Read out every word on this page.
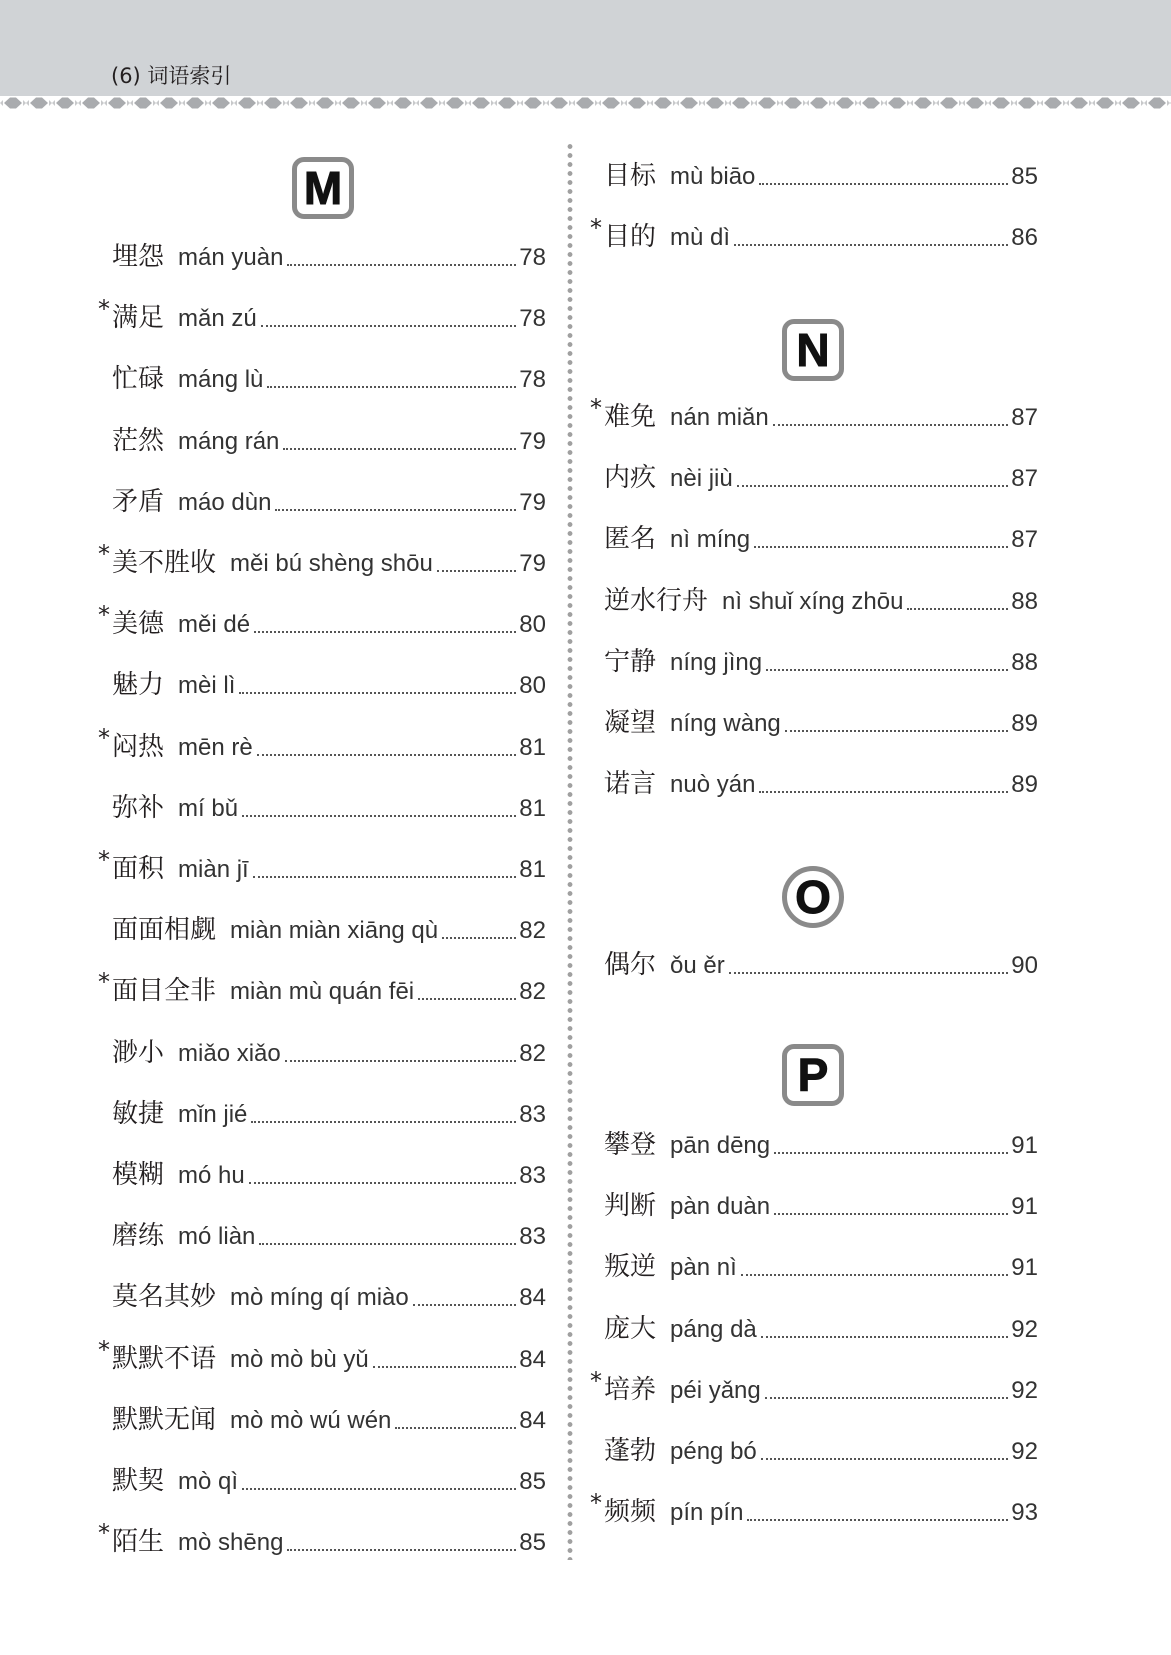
(6) 词语索引
M
埋怨 mán yuàn	78
* 满足 mǎn zú	78
忙碌 máng lù	78
茫然 máng rán	79
矛盾 máo dùn	79
* 美不胜收 měi bú shèng shōu	79
* 美德 měi dé	80
魅力 mèi lì	80
* 闷热 mēn rè	81
弥补 mí bǔ	81
* 面积 miàn jī	81
面面相觑 miàn miàn xiāng qù	82
* 面目全非 miàn mù quán fēi	82
渺小 miǎo xiǎo	82
敏捷 mǐn jié	83
模糊 mó hu	83
磨练 mó liàn	83
莫名其妙 mò míng qí miào	84
* 默默不语 mò mò bù yǔ	84
默默无闻 mò mò wú wén	84
默契 mò qì	85
* 陌生 mò shēng	85
目标 mù biāo	85
* 目的 mù dì	86
N
* 难免 nán miǎn	87
内疚 nèi jiù	87
匿名 nì míng	87
逆水行舟 nì shuǐ xíng zhōu	88
宁静 níng jìng	88
凝望 níng wàng	89
诺言 nuò yán	89
O
偶尔 ǒu ěr	90
P
攀登 pān dēng	91
判断 pàn duàn	91
叛逆 pàn nì	91
庞大 páng dà	92
* 培养 péi yǎng	92
蓬勃 péng bó	92
* 频频 pín pín	93
